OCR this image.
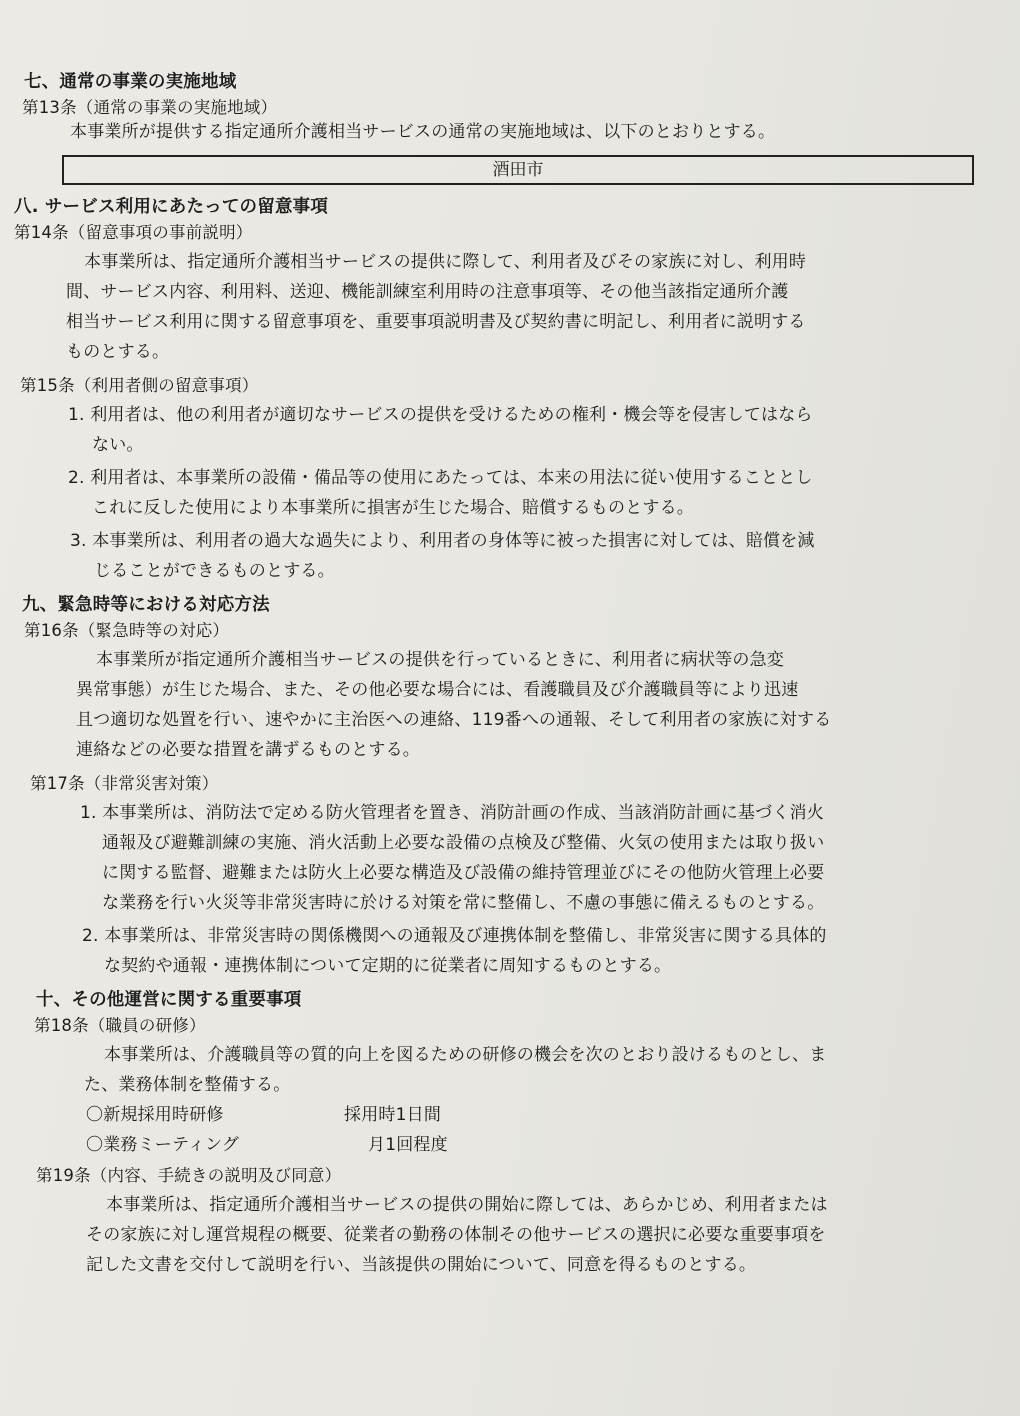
七、通常の事業の実施地域
第13条（通常の事業の実施地域）
本事業所が提供する指定通所介護相当サービスの通常の実施地域は、以下のとおりとする。
酒田市
八. サービス利用にあたっての留意事項
第14条（留意事項の事前説明）
本事業所は、指定通所介護相当サービスの提供に際して、利用者及びその家族に対し、利用時
間、サービス内容、利用料、送迎、機能訓練室利用時の注意事項等、その他当該指定通所介護
相当サービス利用に関する留意事項を、重要事項説明書及び契約書に明記し、利用者に説明する
ものとする。
第15条（利用者側の留意事項）
1. 利用者は、他の利用者が適切なサービスの提供を受けるための権利・機会等を侵害してはなら
ない。
2. 利用者は、本事業所の設備・備品等の使用にあたっては、本来の用法に従い使用することとし
これに反した使用により本事業所に損害が生じた場合、賠償するものとする。
3. 本事業所は、利用者の過大な過失により、利用者の身体等に被った損害に対しては、賠償を減
じることができるものとする。
九、緊急時等における対応方法
第16条（緊急時等の対応）
本事業所が指定通所介護相当サービスの提供を行っているときに、利用者に病状等の急変
異常事態）が生じた場合、また、その他必要な場合には、看護職員及び介護職員等により迅速
且つ適切な処置を行い、速やかに主治医への連絡、119番への通報、そして利用者の家族に対する
連絡などの必要な措置を講ずるものとする。
第17条（非常災害対策）
1. 本事業所は、消防法で定める防火管理者を置き、消防計画の作成、当該消防計画に基づく消火
通報及び避難訓練の実施、消火活動上必要な設備の点検及び整備、火気の使用または取り扱い
に関する監督、避難または防火上必要な構造及び設備の維持管理並びにその他防火管理上必要
な業務を行い火災等非常災害時に於ける対策を常に整備し、不慮の事態に備えるものとする。
2. 本事業所は、非常災害時の関係機関への通報及び連携体制を整備し、非常災害に関する具体的
な契約や通報・連携体制について定期的に従業者に周知するものとする。
十、その他運営に関する重要事項
第18条（職員の研修）
本事業所は、介護職員等の質的向上を図るための研修の機会を次のとおり設けるものとし、ま
た、業務体制を整備する。
〇新規採用時研修	採用時1日間
〇業務ミーティング	月1回程度
第19条（内容、手続きの説明及び同意）
本事業所は、指定通所介護相当サービスの提供の開始に際しては、あらかじめ、利用者または
その家族に対し運営規程の概要、従業者の勤務の体制その他サービスの選択に必要な重要事項を
記した文書を交付して説明を行い、当該提供の開始について、同意を得るものとする。
